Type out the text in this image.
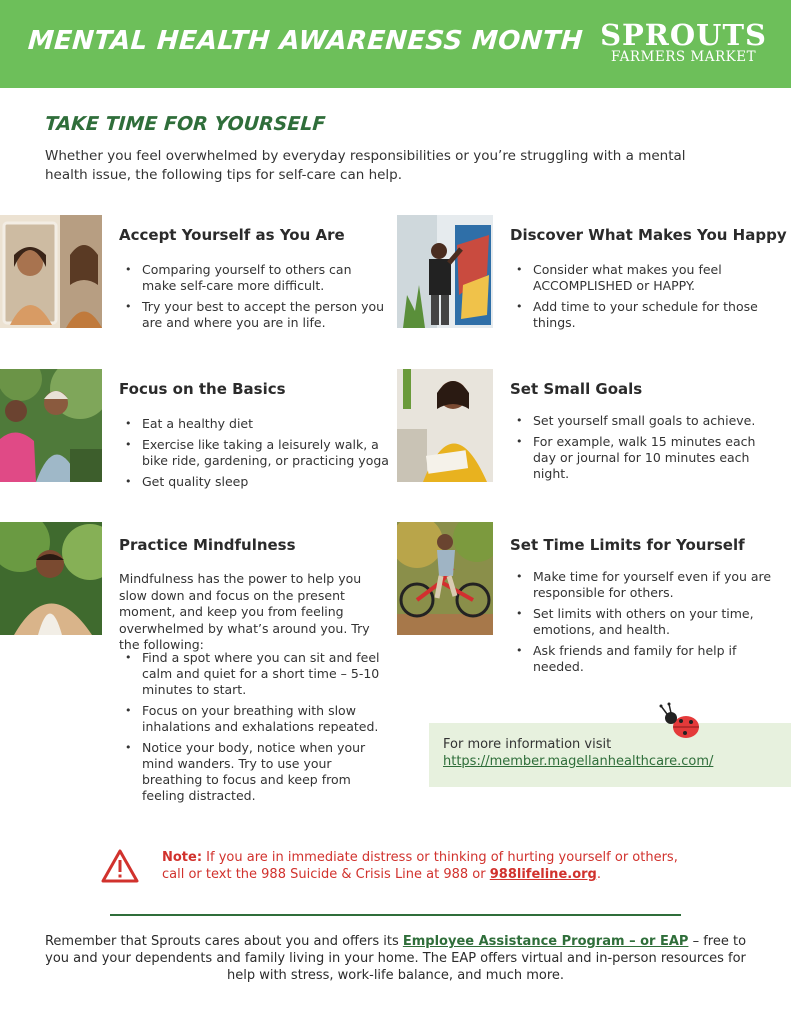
MENTAL HEALTH AWARENESS MONTH SPROUTS
FARMERS MARKET
TAKE TIME FOR YOURSELF
Whether you feel overwhelmed by everyday responsibilities or you’re struggling with a mental health issue, the following tips for self-care can help.
Accept Yourself as You Are
• Comparing yourself to others can make self-care more difficult.
• Try your best to accept the person you are and where you are in life.
Discover What Makes You Happy
• Consider what makes you feel ACCOMPLISHED or HAPPY.
• Add time to your schedule for those things.
Focus on the Basics
• Eat a healthy diet
• Exercise like taking a leisurely walk, a bike ride, gardening, or practicing yoga
• Get quality sleep
Set Small Goals
• Set yourself small goals to achieve.
• For example, walk 15 minutes each day or journal for 10 minutes each night.
Practice Mindfulness
Mindfulness has the power to help you slow down and focus on the present moment, and keep you from feeling overwhelmed by what’s around you. Try the following:
• Find a spot where you can sit and feel calm and quiet for a short time – 5-10 minutes to start.
• Focus on your breathing with slow inhalations and exhalations repeated.
• Notice your body, notice when your mind wanders. Try to use your breathing to focus and keep from feeling distracted.
Set Time Limits for Yourself
• Make time for yourself even if you are responsible for others.
• Set limits with others on your time, emotions, and health.
• Ask friends and family for help if needed.
For more information visit
https://member.magellanhealthcare.com/
Note: If you are in immediate distress or thinking of hurting yourself or others, call or text the 988 Suicide & Crisis Line at 988 or 988lifeline.org.
Remember that Sprouts cares about you and offers its Employee Assistance Program – or EAP – free to you and your dependents and family living in your home. The EAP offers virtual and in-person resources for help with stress, work-life balance, and much more.
